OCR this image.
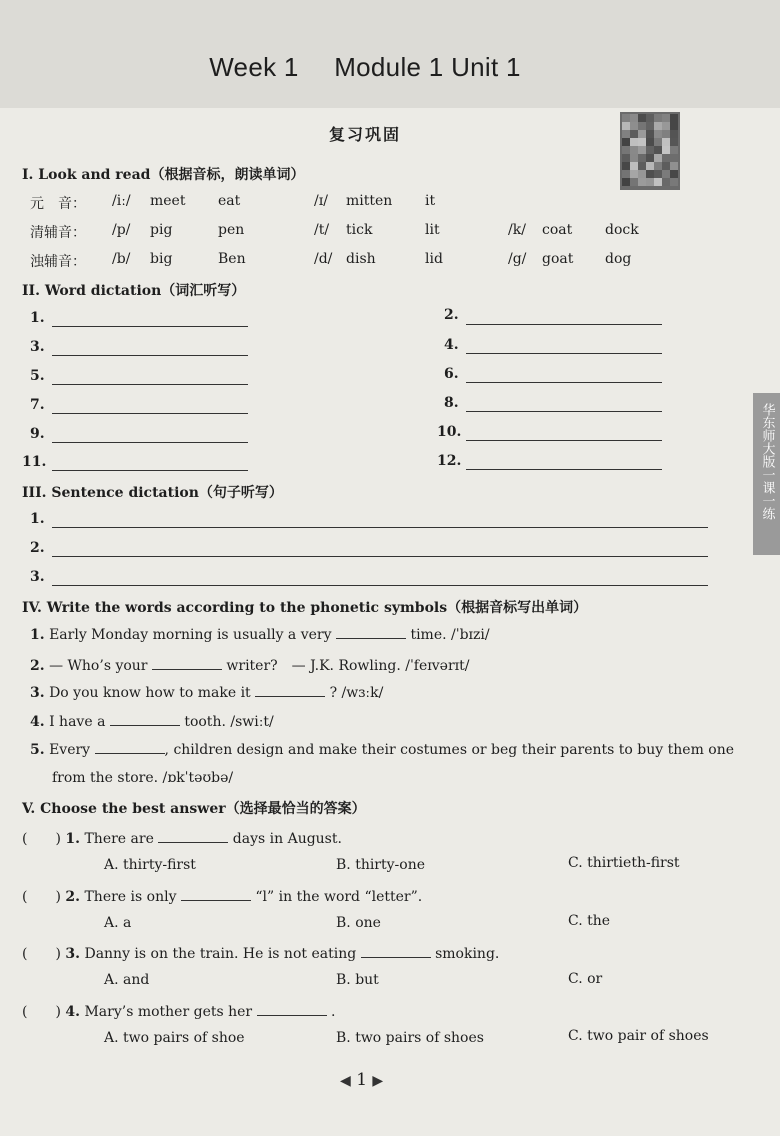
Week 1 Module 1 Unit 1
复习巩固
华东师大版一课一练
I. Look and read（根据音标，朗读单词）
元　音： /iː/ meet eat	/ɪ/ mitten it
清辅音： /p/ pig	pen	/t/ tick	lit	/k/ coat dock
浊辅音： /b/ big	Ben	/d/ dish	lid	/g/ goat dog
II. Word dictation（词汇听写）
1.	2.
3.	4.
5.	6.
7.	8.
9.	10.
11.	12.
III. Sentence dictation（句子听写）
1.
2.
3.
IV. Write the words according to the phonetic symbols（根据音标写出单词）
1. Early Monday morning is usually a very	time. /ˈbɪzi/
2. — Who’s your	writer?　— J.K. Rowling. /ˈfeɪvərɪt/
3. Do you know how to make it	? /wɜːk/
4. I have a	tooth. /swiːt/
5. Every	, children design and make their costumes or beg their parents to buy them one
from the store. /ɒkˈtəʊbə/
V. Choose the best answer（选择最恰当的答案）
(　　) 1. There are	days in August.
A. thirty-first	B. thirty-one	C. thirtieth-first
(　　) 2. There is only	“l” in the word “letter”.
A. a	B. one	C. the
(　　) 3. Danny is on the train. He is not eating	smoking.
A. and	B. but	C. or
(　　) 4. Mary’s mother gets her	.
A. two pairs of shoe	B. two pairs of shoes	C. two pair of shoes
◀ 1 ▶
